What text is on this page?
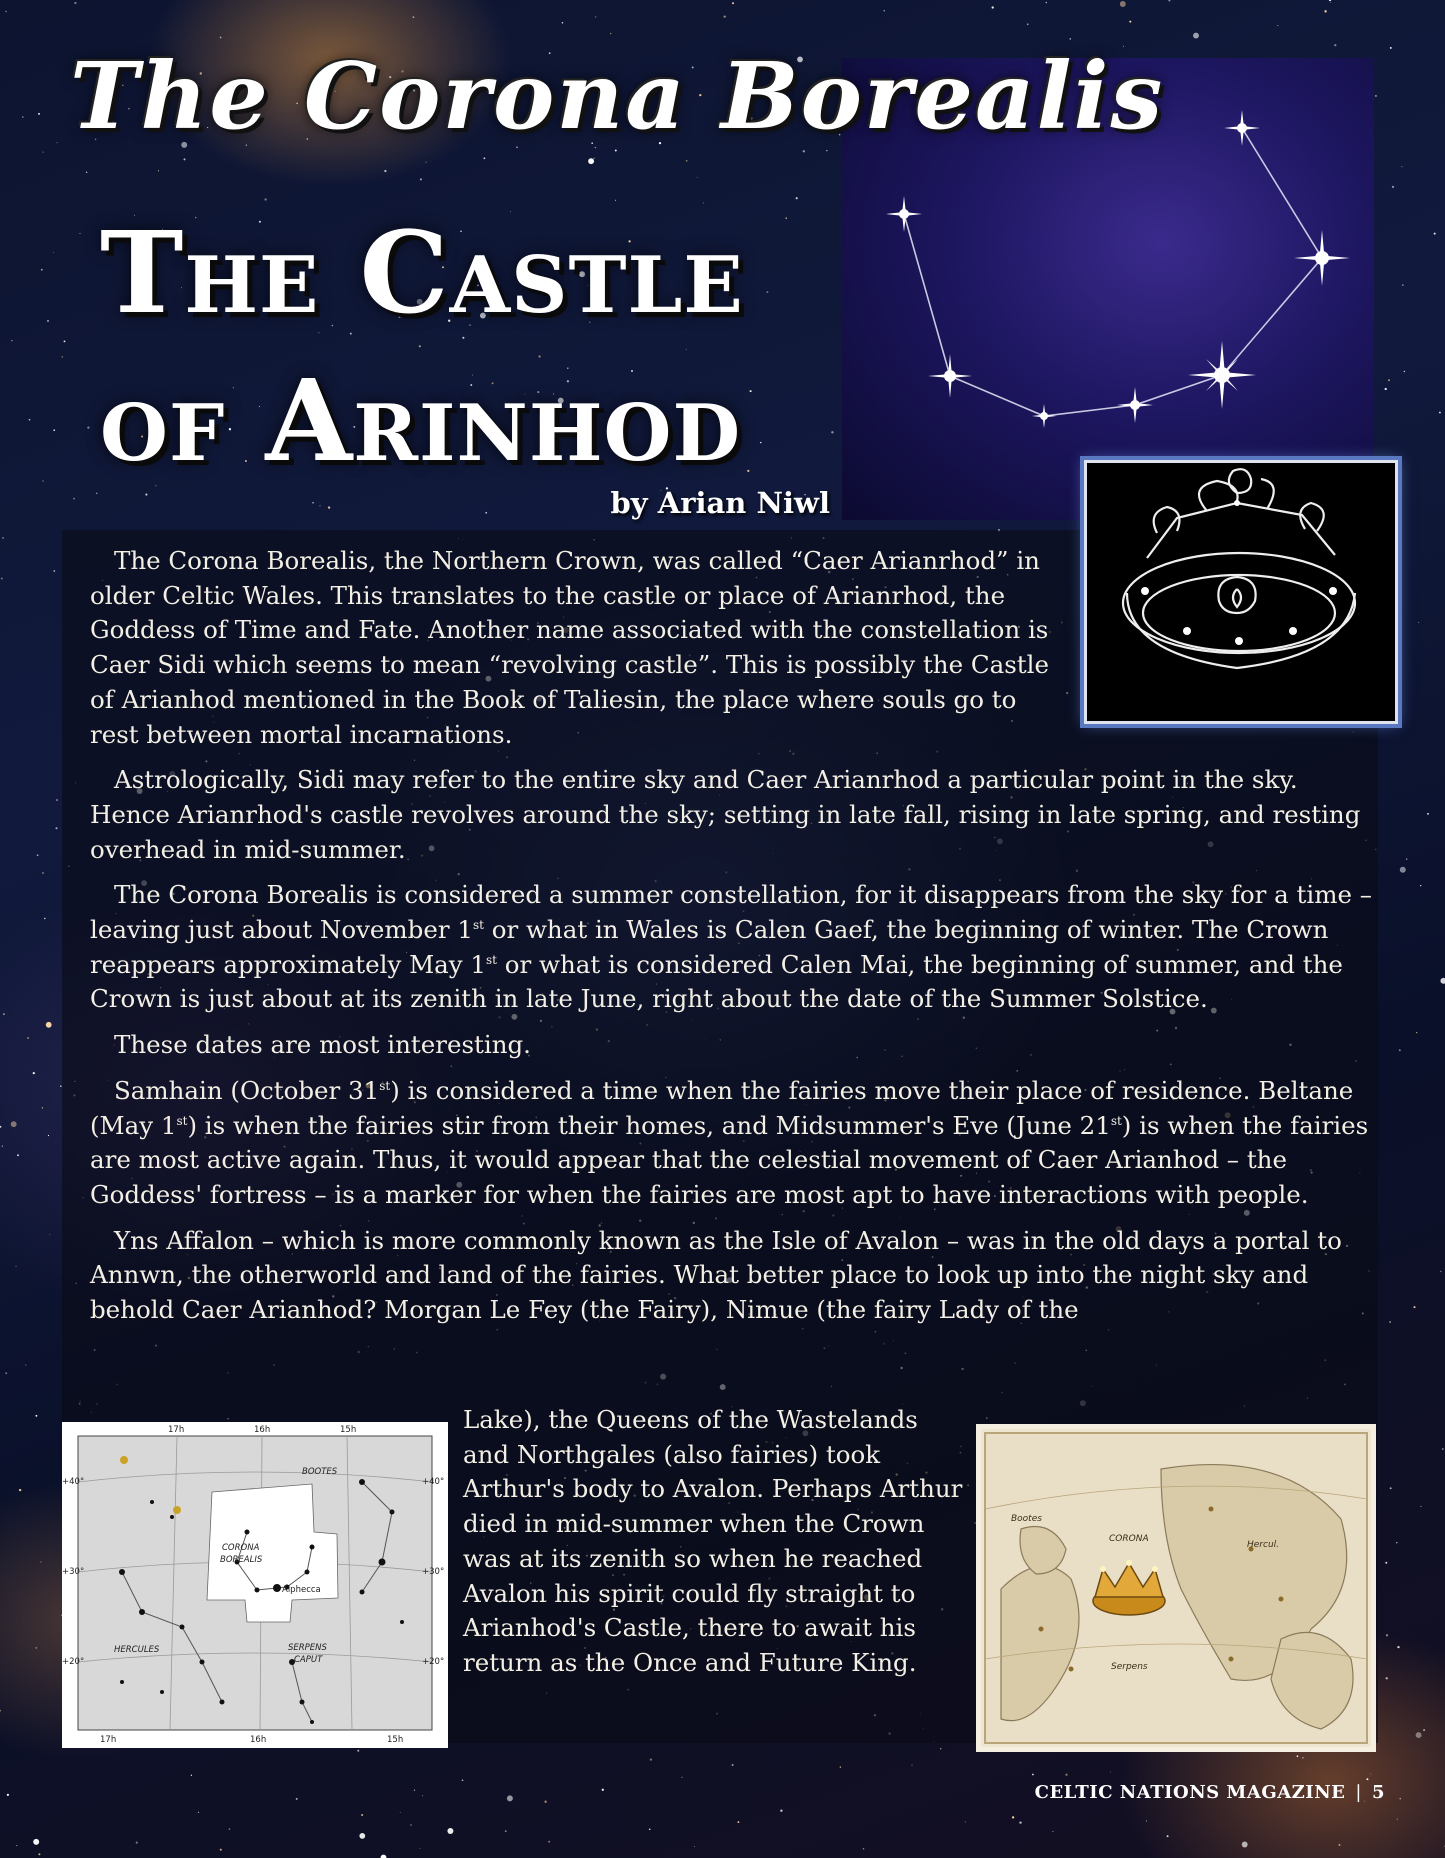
The Corona Borealis
The Castle
of Arinhod
by Arian Niwl

The Corona Borealis, the Northern Crown, was called “Caer Arianrhod” in older Celtic Wales. This translates to the castle or place of Arianrhod, the Goddess of Time and Fate. Another name associated with the constellation is Caer Sidi which seems to mean “revolving castle”. This is possibly the Castle of Arianhod mentioned in the Book of Taliesin, the place where souls go to rest between mortal incarnations.

Astrologically, Sidi may refer to the entire sky and Caer Arianrhod a particular point in the sky. Hence Arianrhod's castle revolves around the sky; setting in late fall, rising in late spring, and resting overhead in mid-summer.

The Corona Borealis is considered a summer constellation, for it disappears from the sky for a time – leaving just about November 1st or what in Wales is Calen Gaef, the beginning of winter. The Crown reappears approximately May 1st or what is considered Calen Mai, the beginning of summer, and the Crown is just about at its zenith in late June, right about the date of the Summer Solstice.

These dates are most interesting.

Samhain (October 31st) is considered a time when the fairies move their place of residence. Beltane (May 1st) is when the fairies stir from their homes, and Midsummer's Eve (June 21st) is when the fairies are most active again. Thus, it would appear that the celestial movement of Caer Arianhod – the Goddess' fortress – is a marker for when the fairies are most apt to have interactions with people.

Yns Affalon – which is more commonly known as the Isle of Avalon – was in the old days a portal to Annwn, the otherworld and land of the fairies. What better place to look up into the night sky and behold Caer Arianhod? Morgan Le Fey (the Fairy), Nimue (the fairy Lady of the

Lake), the Queens of the Wastelands and Northgales (also fairies) took Arthur's body to Avalon. Perhaps Arthur died in mid-summer when the Crown was at its zenith so when he reached Avalon his spirit could fly straight to Arianhod's Castle, there to await his return as the Once and Future King.
17h	16h	15h
17h	16h	15h
+40°
+30°
+20°
+40°
+30°
+20°
BOOTES
CORONA
BOREALIS
HERCULES	SERPENS
CAPUT
Alphecca
Bootes
CORONA
Hercul.
Serpens
CELTIC NATIONS MAGAZINE | 5
